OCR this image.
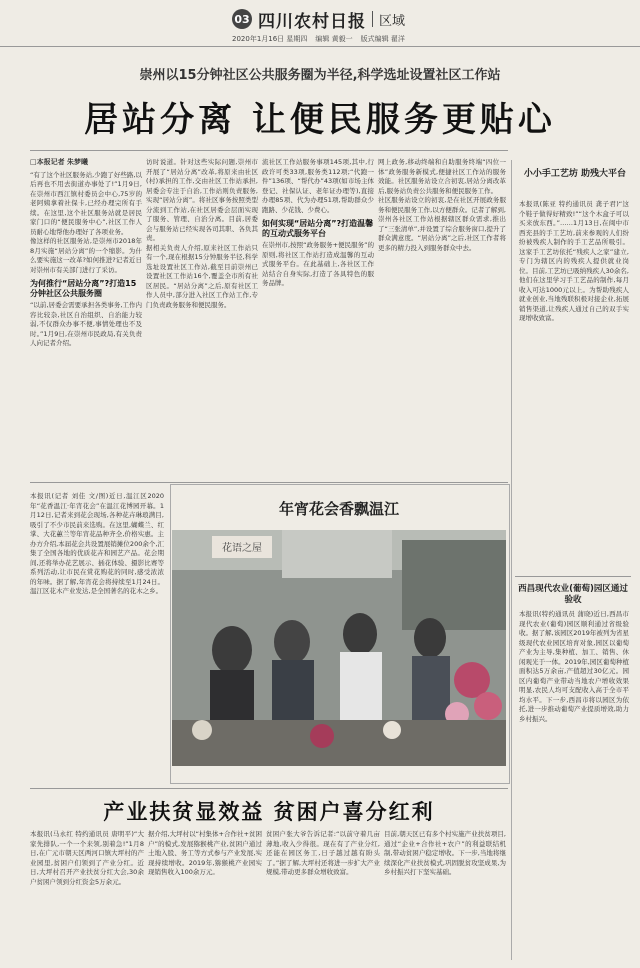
03 四川农村日报 区域
2020年1月16日 星期四 编辑 黄毅一 版式编辑 翟洋
崇州以15分钟社区公共服务圈为半径,科学选址设置社区工作站
居站分离 让便民服务更贴心
□本报记者 朱梦曦

“有了这个社区服务站,少跑了好些路,以后再也不用去街道办事处了!”1月9日,在崇州市西江镇村委员会中心,75岁的老阿姨拿着社保卡,已经办理完所有手续。在这里,这个社区服务站就是居民家门口的“便民服务中心”,社区工作人员耐心地帮他办理好了各项业务。

像这样的社区服务站,是崇州市2018年8月实施“居站分离”的一个缩影。为什么要实施这一改革?如何推进?记者近日对崇州市有关部门进行了采访。

为何推行“居站分离”?打造15分钟社区公共服务圈

“以前,居委会需要承担各类事务,工作内容比较杂,社区自治组织、自治能力较弱,不仅群众办事不便,事情处理也不及时。”1月9日,在崇州市民政局,有关负责人向记者介绍。

访时说道。针对这些实际问题,崇州市开展了“居站分离”改革,将原来由社区(村)承担的工作,交由社区工作站承担,居委会专注于自治,工作站则负责服务,实现“居站分离”。将社区事务按照类型分流到工作站,在社区居委会层面实现了服务、管理、自治分离。目前,居委会与服务站已经实现各司其职、各负其责。

据相关负责人介绍,原来社区工作站只有一个,现在根据15分钟服务半径,科学选址设置社区工作站,截至目前崇州已设置社区工作站16个,覆盖全市所有社区居民。“居站分离”之后,原有社区工作人员中,部分进入社区工作站工作,专门负责政务服务和便民服务。

流社区工作站服务事项145项,其中,行政许可类33项,服务类112项;“代跑一件”136项、“帮代办”43项(如市场主体登记、社保认证、老年证办理等),直接办理85项、代为办理51项,帮助群众少跑路、少花钱、少费心。

如何实现“居站分离”?打造温馨的互动式服务平台

在崇州市,按照“政务服务+便民服务”的原则,将社区工作站打造成温馨的互动式服务平台。在此基础上,各社区工作站结合自身实际,打造了各具特色的服务品牌。

网上政务,移动终端和自助服务终端“四位一体”政务服务新模式,便捷社区工作站的服务效能。社区服务站设立合初衷,居站分离改革后,服务站负责公共服务和便民服务工作。

社区服务站设立的初衷,是在社区开展政务服务和便民服务工作,以方便群众。记者了解到,崇州各社区工作站根据辖区群众需求,推出了“三张清单”,并设置了综合服务窗口,提升了群众满意度。“居站分离”之后,社区工作者将更多的精力投入到服务群众中去。

小小手工艺坊 助残大平台
本报讯(陈亚 特约通讯员 龚子君)“这个鞋子做得好精致!”“这个木盒子可以买来放东西。”……1月13日,在闽中市西充县的手工艺坊,前来参观的人们纷纷被残疾人制作的手工艺品所吸引。这家手工艺坊依托“残疾人之家”建立,专门为辖区内的残疾人提供就业岗位。目前,工艺坊已吸纳残疾人30余名,他们在这里学习手工艺品的制作,每月收入可达1000元以上。为帮助残疾人就业创业,当地残联积极对接企业,拓展销售渠道,让残疾人通过自己的双手实现增收致富。
西昌现代农业(葡萄)园区通过验收
本报讯(特约通讯员 蒲晓)近日,西昌市现代农业(葡萄)园区顺利通过省级验收。据了解,该园区2019年被列为省星级现代农业园区培育对象,园区以葡萄产业为主导,集种植、加工、销售、休闲观光于一体。2019年,园区葡萄种植面积达5万余亩,产值超过30亿元。园区内葡萄产业带动当地农户增收效果明显,农民人均可支配收入高于全市平均水平。下一步,西昌市将以园区为依托,进一步推动葡萄产业提质增效,助力乡村振兴。

本报讯(记者 刘佳 文/图)近日,温江区2020年“花香温江·年宵花会”在温江花博园开幕。1月12日,记者来到花会现场,各种花卉琳琅满目,吸引了不少市民前来选购。在这里,蝴蝶兰、红掌、大花蕙兰等年宵花品种齐全,价格实惠。主办方介绍,本届花会共设置展销摊位200余个,汇集了全国各地的优质花卉和园艺产品。花会期间,还将举办花艺展示、插花体验、摄影比赛等系列活动,让市民在赏花购花的同时,感受浓浓的年味。据了解,年宵花会将持续至1月24日。温江区花木产业发达,是全国著名的花木之乡。

年宵花会香飘温江
花语之屋
产业扶贫显效益 贫困户喜分红利

本报讯(马永红 特约通讯员 唐明平)“大家先排队,一个一个来领,别着急!”1月8日,在广元市朝天区两河口镇大坪村的产业园里,贫困户们领到了产业分红。近日,大坪村召开产业扶贫分红大会,30余户贫困户领到分红资金5万余元。

据介绍,大坪村以“村集体+合作社+贫困户”的模式,发展猕猴桃产业,贫困户通过土地入股、务工等方式参与产业发展,实现持续增收。2019年,猕猴桃产业园实现销售收入100余万元。

贫困户张大爷告诉记者:“以前守着几亩薄地,收入少得很。现在有了产业分红,还能在园区务工,日子越过越有盼头了。”据了解,大坪村还将进一步扩大产业规模,带动更多群众增收致富。

目前,朝天区已有多个村实施产业扶贫项目,通过“企业+合作社+农户”的利益联结机制,带动贫困户稳定增收。下一步,当地将继续深化产业扶贫模式,巩固脱贫攻坚成果,为乡村振兴打下坚实基础。
